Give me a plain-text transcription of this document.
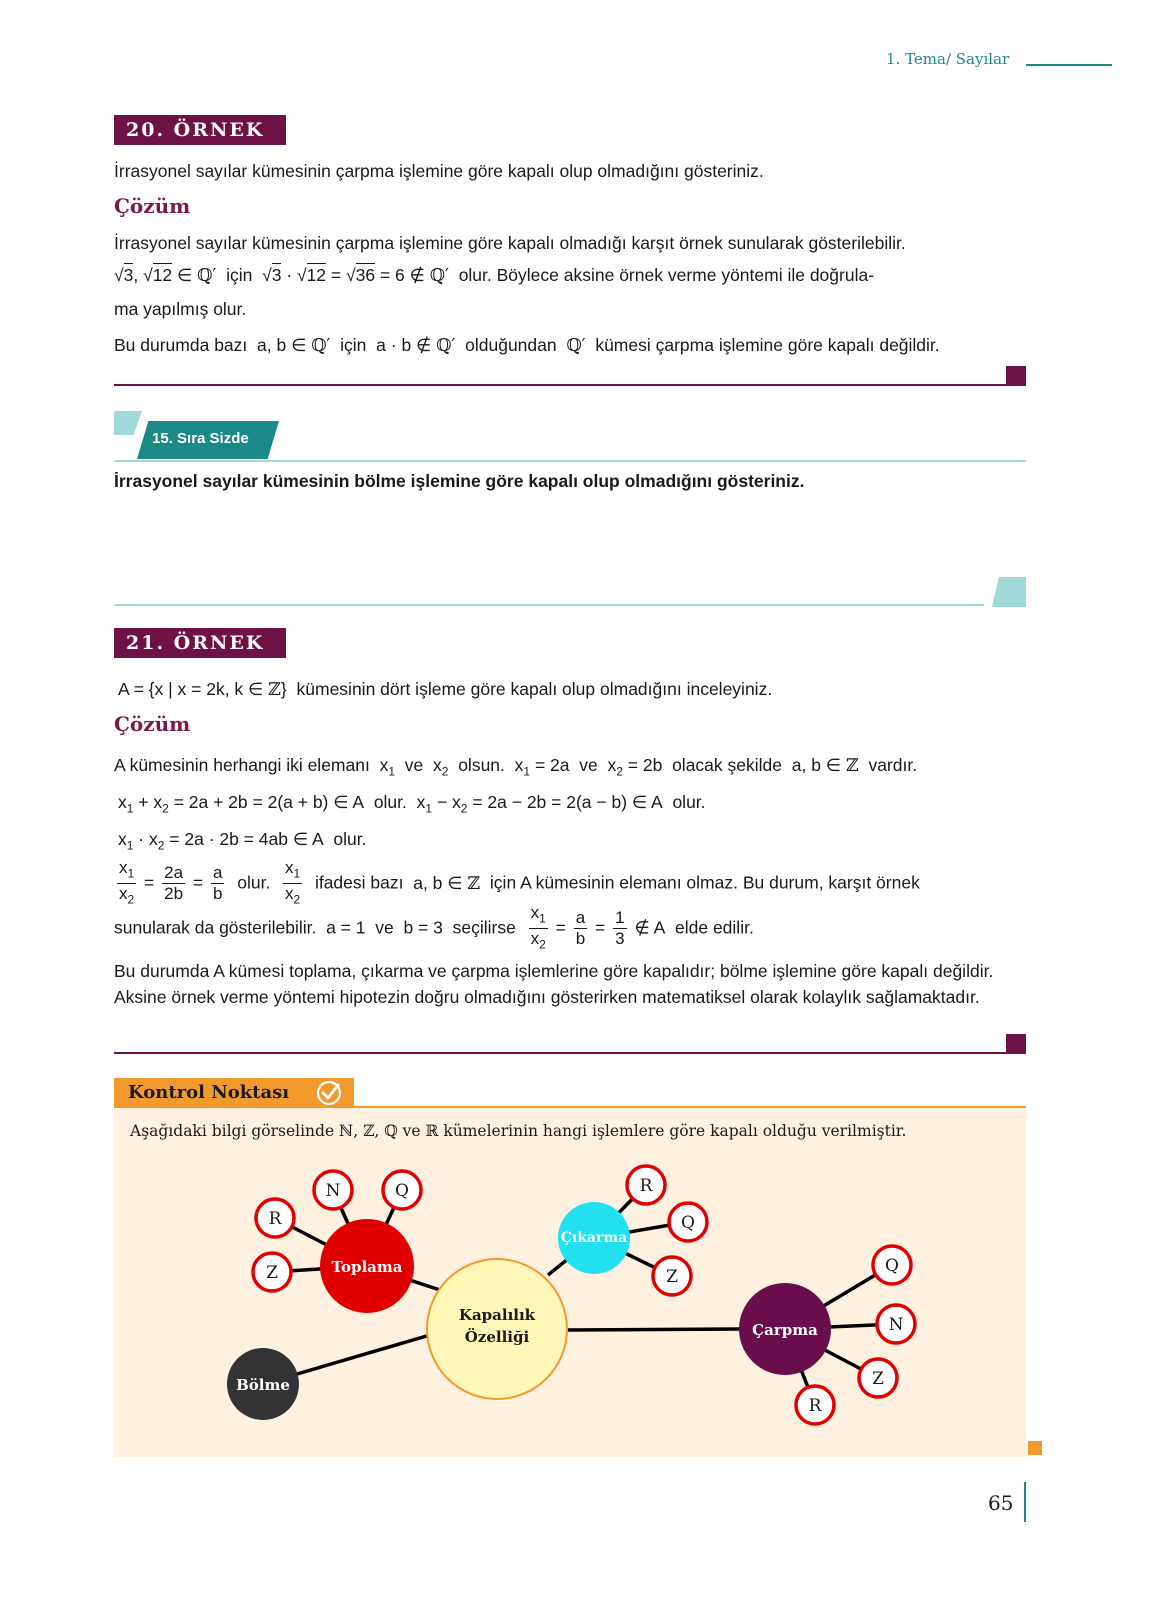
1. Tema/ Sayılar
20. ÖRNEK
İrrasyonel sayılar kümesinin çarpma işlemine göre kapalı olup olmadığını gösteriniz.
Çözüm
İrrasyonel sayılar kümesinin çarpma işlemine göre kapalı olmadığı karşıt örnek sunularak gösterilebilir.
√3, √12 ∈ ℚ′ için √3 · √12 = √36 = 6 ∉ ℚ′ olur. Böylece aksine örnek verme yöntemi ile doğrula-
ma yapılmış olur.
Bu durumda bazı  a, b ∈ ℚ′ için  a · b ∉ ℚ′ olduğundan ℚ′ kümesi çarpma işlemine göre kapalı değildir.
15. Sıra Sizde
İrrasyonel sayılar kümesinin bölme işlemine göre kapalı olup olmadığını gösteriniz.
21. ÖRNEK
A = {x | x = 2k, k ∈ ℤ} kümesinin dört işleme göre kapalı olup olmadığını inceleyiniz.
Çözüm
A kümesinin herhangi iki elemanı  $x_1$ ve  $x_2$ olsun.  $x_1 = 2a$  ve  $x_2 = 2b$  olacak şekilde  a, b ∈ ℤ vardır.
$x_1 + x_2 = 2a + 2b = 2(a + b)$ ∈ A  olur.  $x_1 - x_2 = 2a - 2b = 2(a - b)$ ∈ A  olur.
$x_1 \cdot x_2 = 2a \cdot 2b = 4ab$ ∈ A  olur.
$\frac{x_1}{x_2} = \frac{2a}{2b} = \frac{a}{b}$ olur. $\frac{x_1}{x_2}$ ifadesi bazı  a, b ∈ ℤ için A kümesinin elemanı olmaz. Bu durum, karşıt örnek
sunularak da gösterilebilir.  a = 1  ve  b = 3  seçilirse $\frac{x_1}{x_2} = \frac{a}{b} = \frac{1}{3}$ ∉ A  elde edilir.
Bu durumda A kümesi toplama, çıkarma ve çarpma işlemlerine göre kapalıdır; bölme işlemine göre kapalı değildir. Aksine örnek verme yöntemi hipotezin doğru olmadığını gösterirken matematiksel olarak kolaylık sağlamaktadır.
Kontrol Noktası
Aşağıdaki bilgi görselinde ℕ, ℤ, ℚ ve ℝ kümelerinin hangi işlemlere göre kapalı olduğu verilmiştir.
Kapalılık
Özelliği
Toplama
Çıkarma
Çarpma
Bölme
R
N	Q
Z
R
Q
Z
Q
N
Z
R
65
